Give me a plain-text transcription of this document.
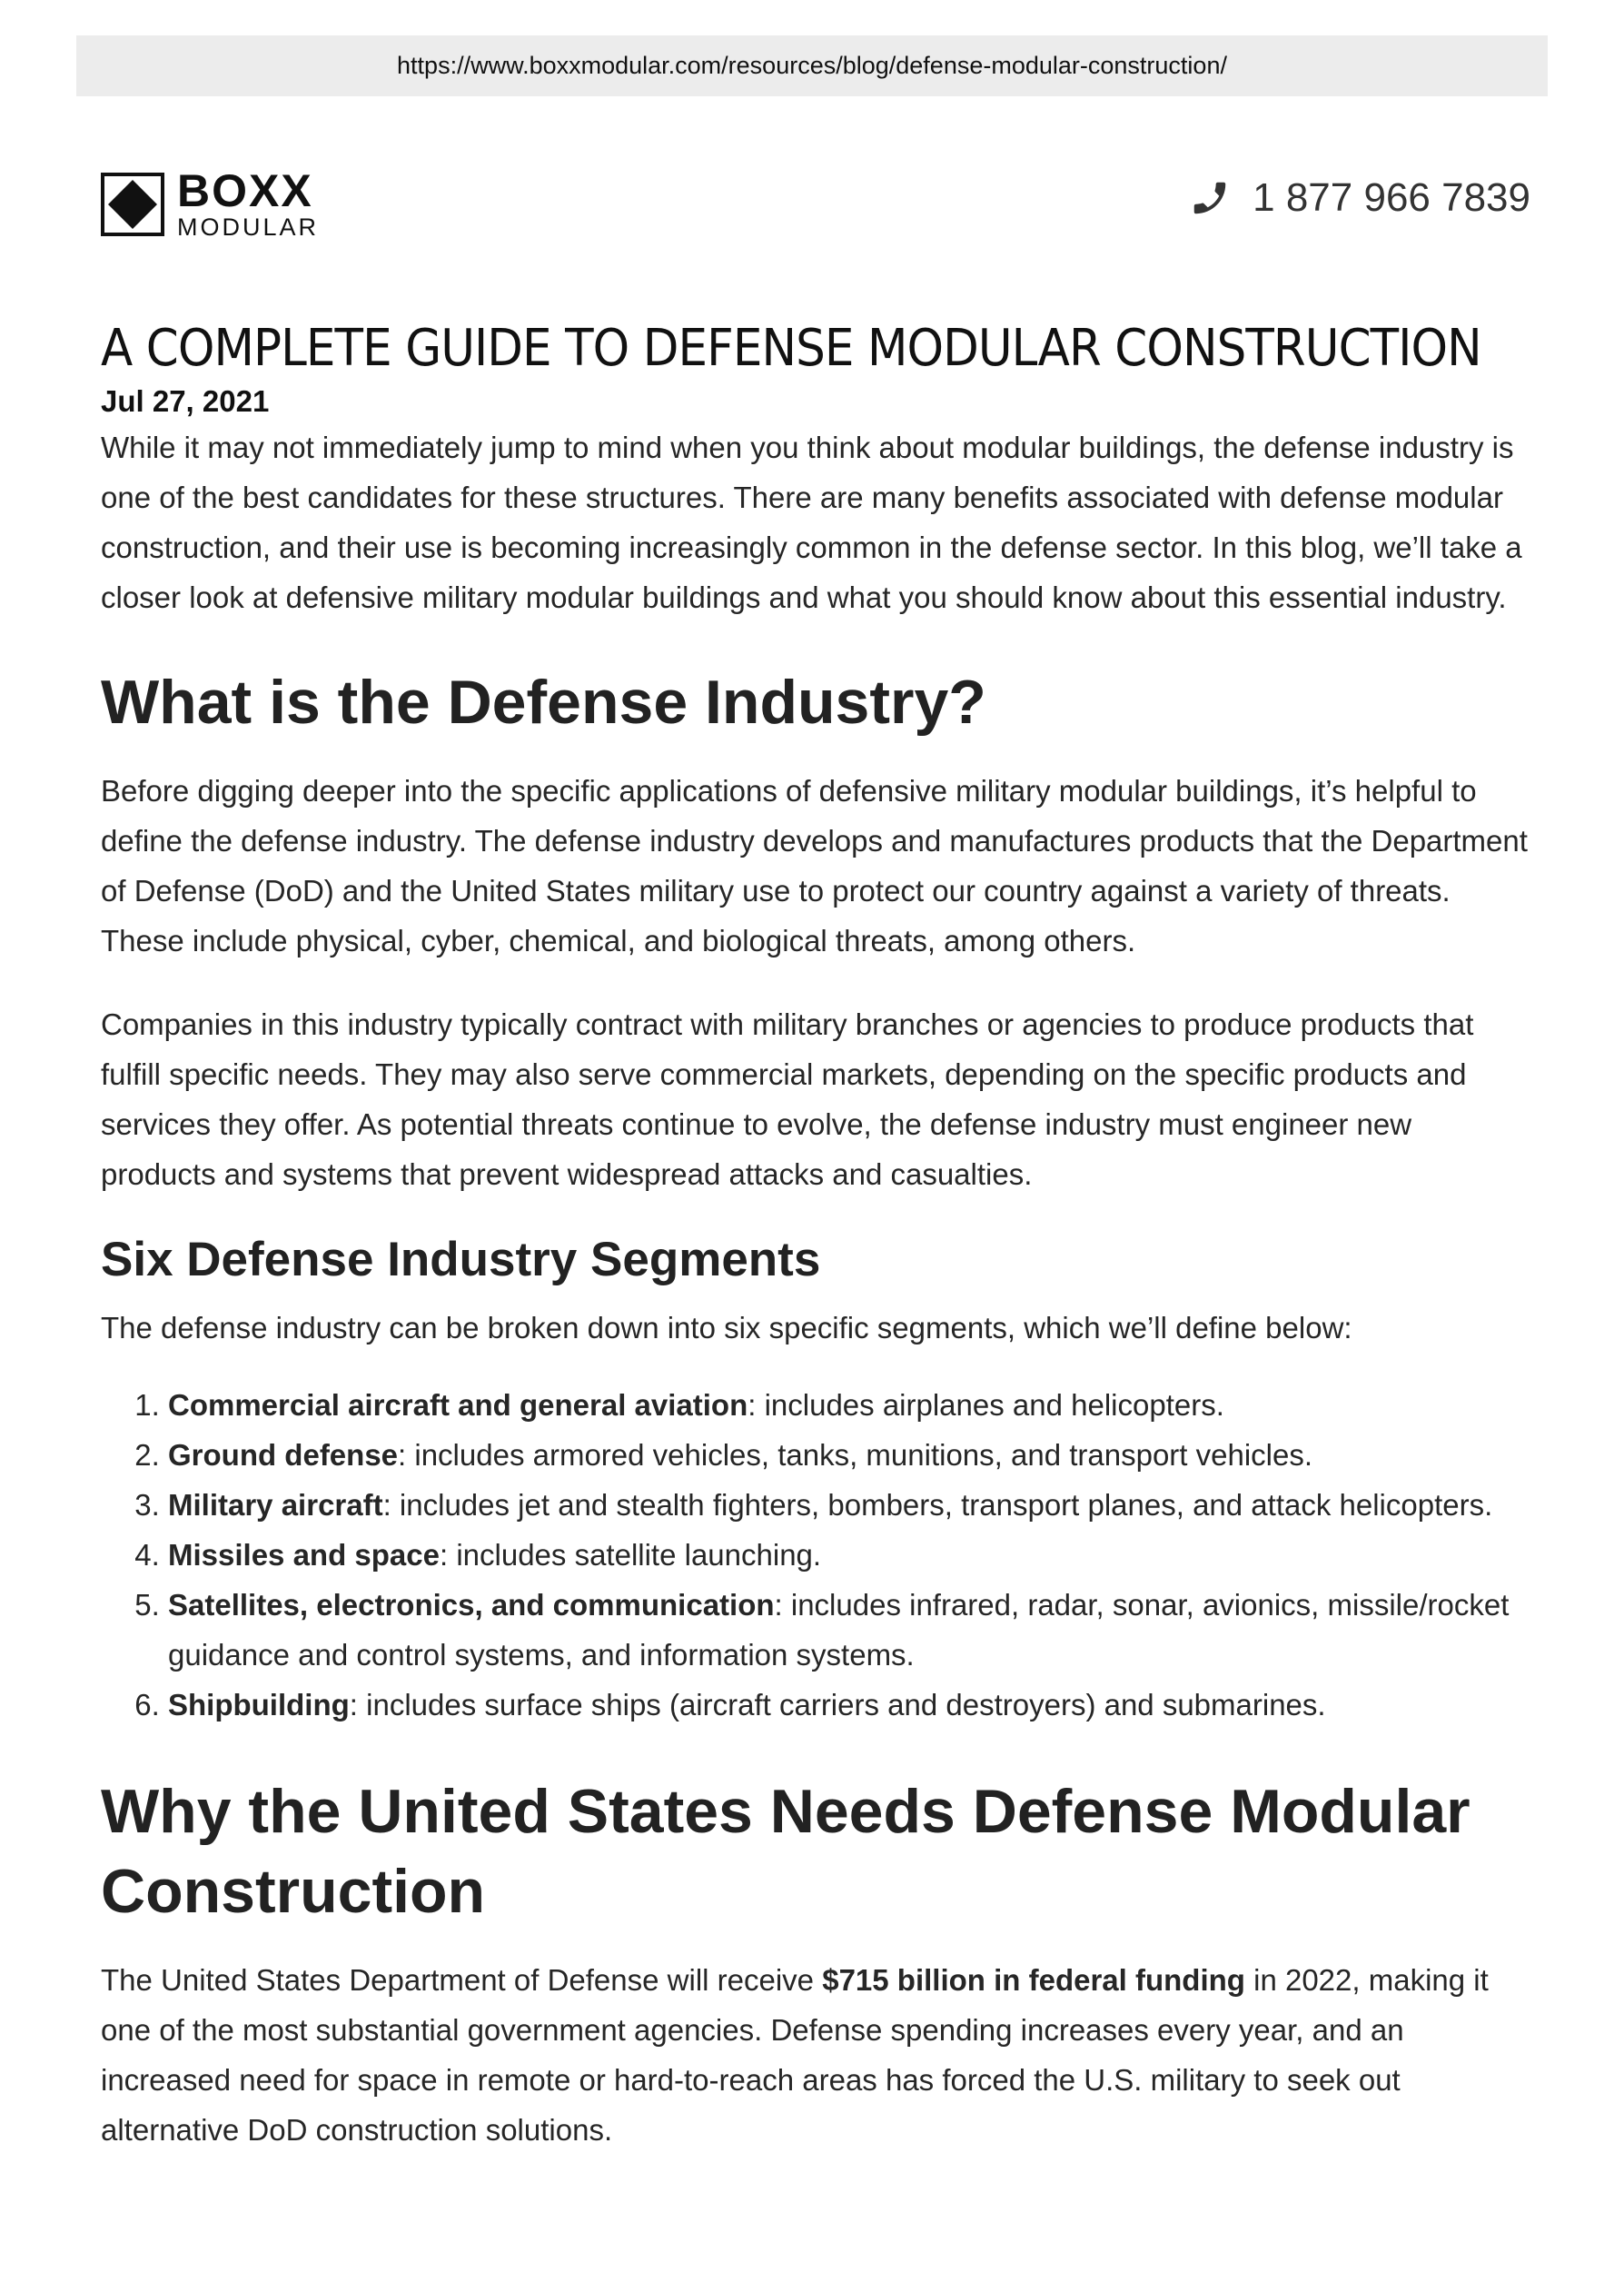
https://www.boxxmodular.com/resources/blog/defense-modular-construction/
BOXX
MODULAR
1 877 966 7839
A COMPLETE GUIDE TO DEFENSE MODULAR CONSTRUCTION
Jul 27, 2021

While it may not immediately jump to mind when you think about modular buildings, the defense industry is one of the best candidates for these structures. There are many benefits associated with defense modular construction, and their use is becoming increasingly common in the defense sector. In this blog, we’ll take a closer look at defensive military modular buildings and what you should know about this essential industry.

What is the Defense Industry?

Before digging deeper into the specific applications of defensive military modular buildings, it’s helpful to define the defense industry. The defense industry develops and manufactures products that the Department of Defense (DoD) and the United States military use to protect our country against a variety of threats. These include physical, cyber, chemical, and biological threats, among others.

Companies in this industry typically contract with military branches or agencies to produce products that fulfill specific needs. They may also serve commercial markets, depending on the specific products and services they offer. As potential threats continue to evolve, the defense industry must engineer new products and systems that prevent widespread attacks and casualties.

Six Defense Industry Segments

The defense industry can be broken down into six specific segments, which we’ll define below:

1. Commercial aircraft and general aviation: includes airplanes and helicopters.
2. Ground defense: includes armored vehicles, tanks, munitions, and transport vehicles.
3. Military aircraft: includes jet and stealth fighters, bombers, transport planes, and attack helicopters.
4. Missiles and space: includes satellite launching.
5. Satellites, electronics, and communication: includes infrared, radar, sonar, avionics, missile/rocket guidance and control systems, and information systems.
6. Shipbuilding: includes surface ships (aircraft carriers and destroyers) and submarines.
Why the United States Needs Defense Modular Construction

The United States Department of Defense will receive $715 billion in federal funding in 2022, making it one of the most substantial government agencies. Defense spending increases every year, and an increased need for space in remote or hard-to-reach areas has forced the U.S. military to seek out alternative DoD construction solutions.
